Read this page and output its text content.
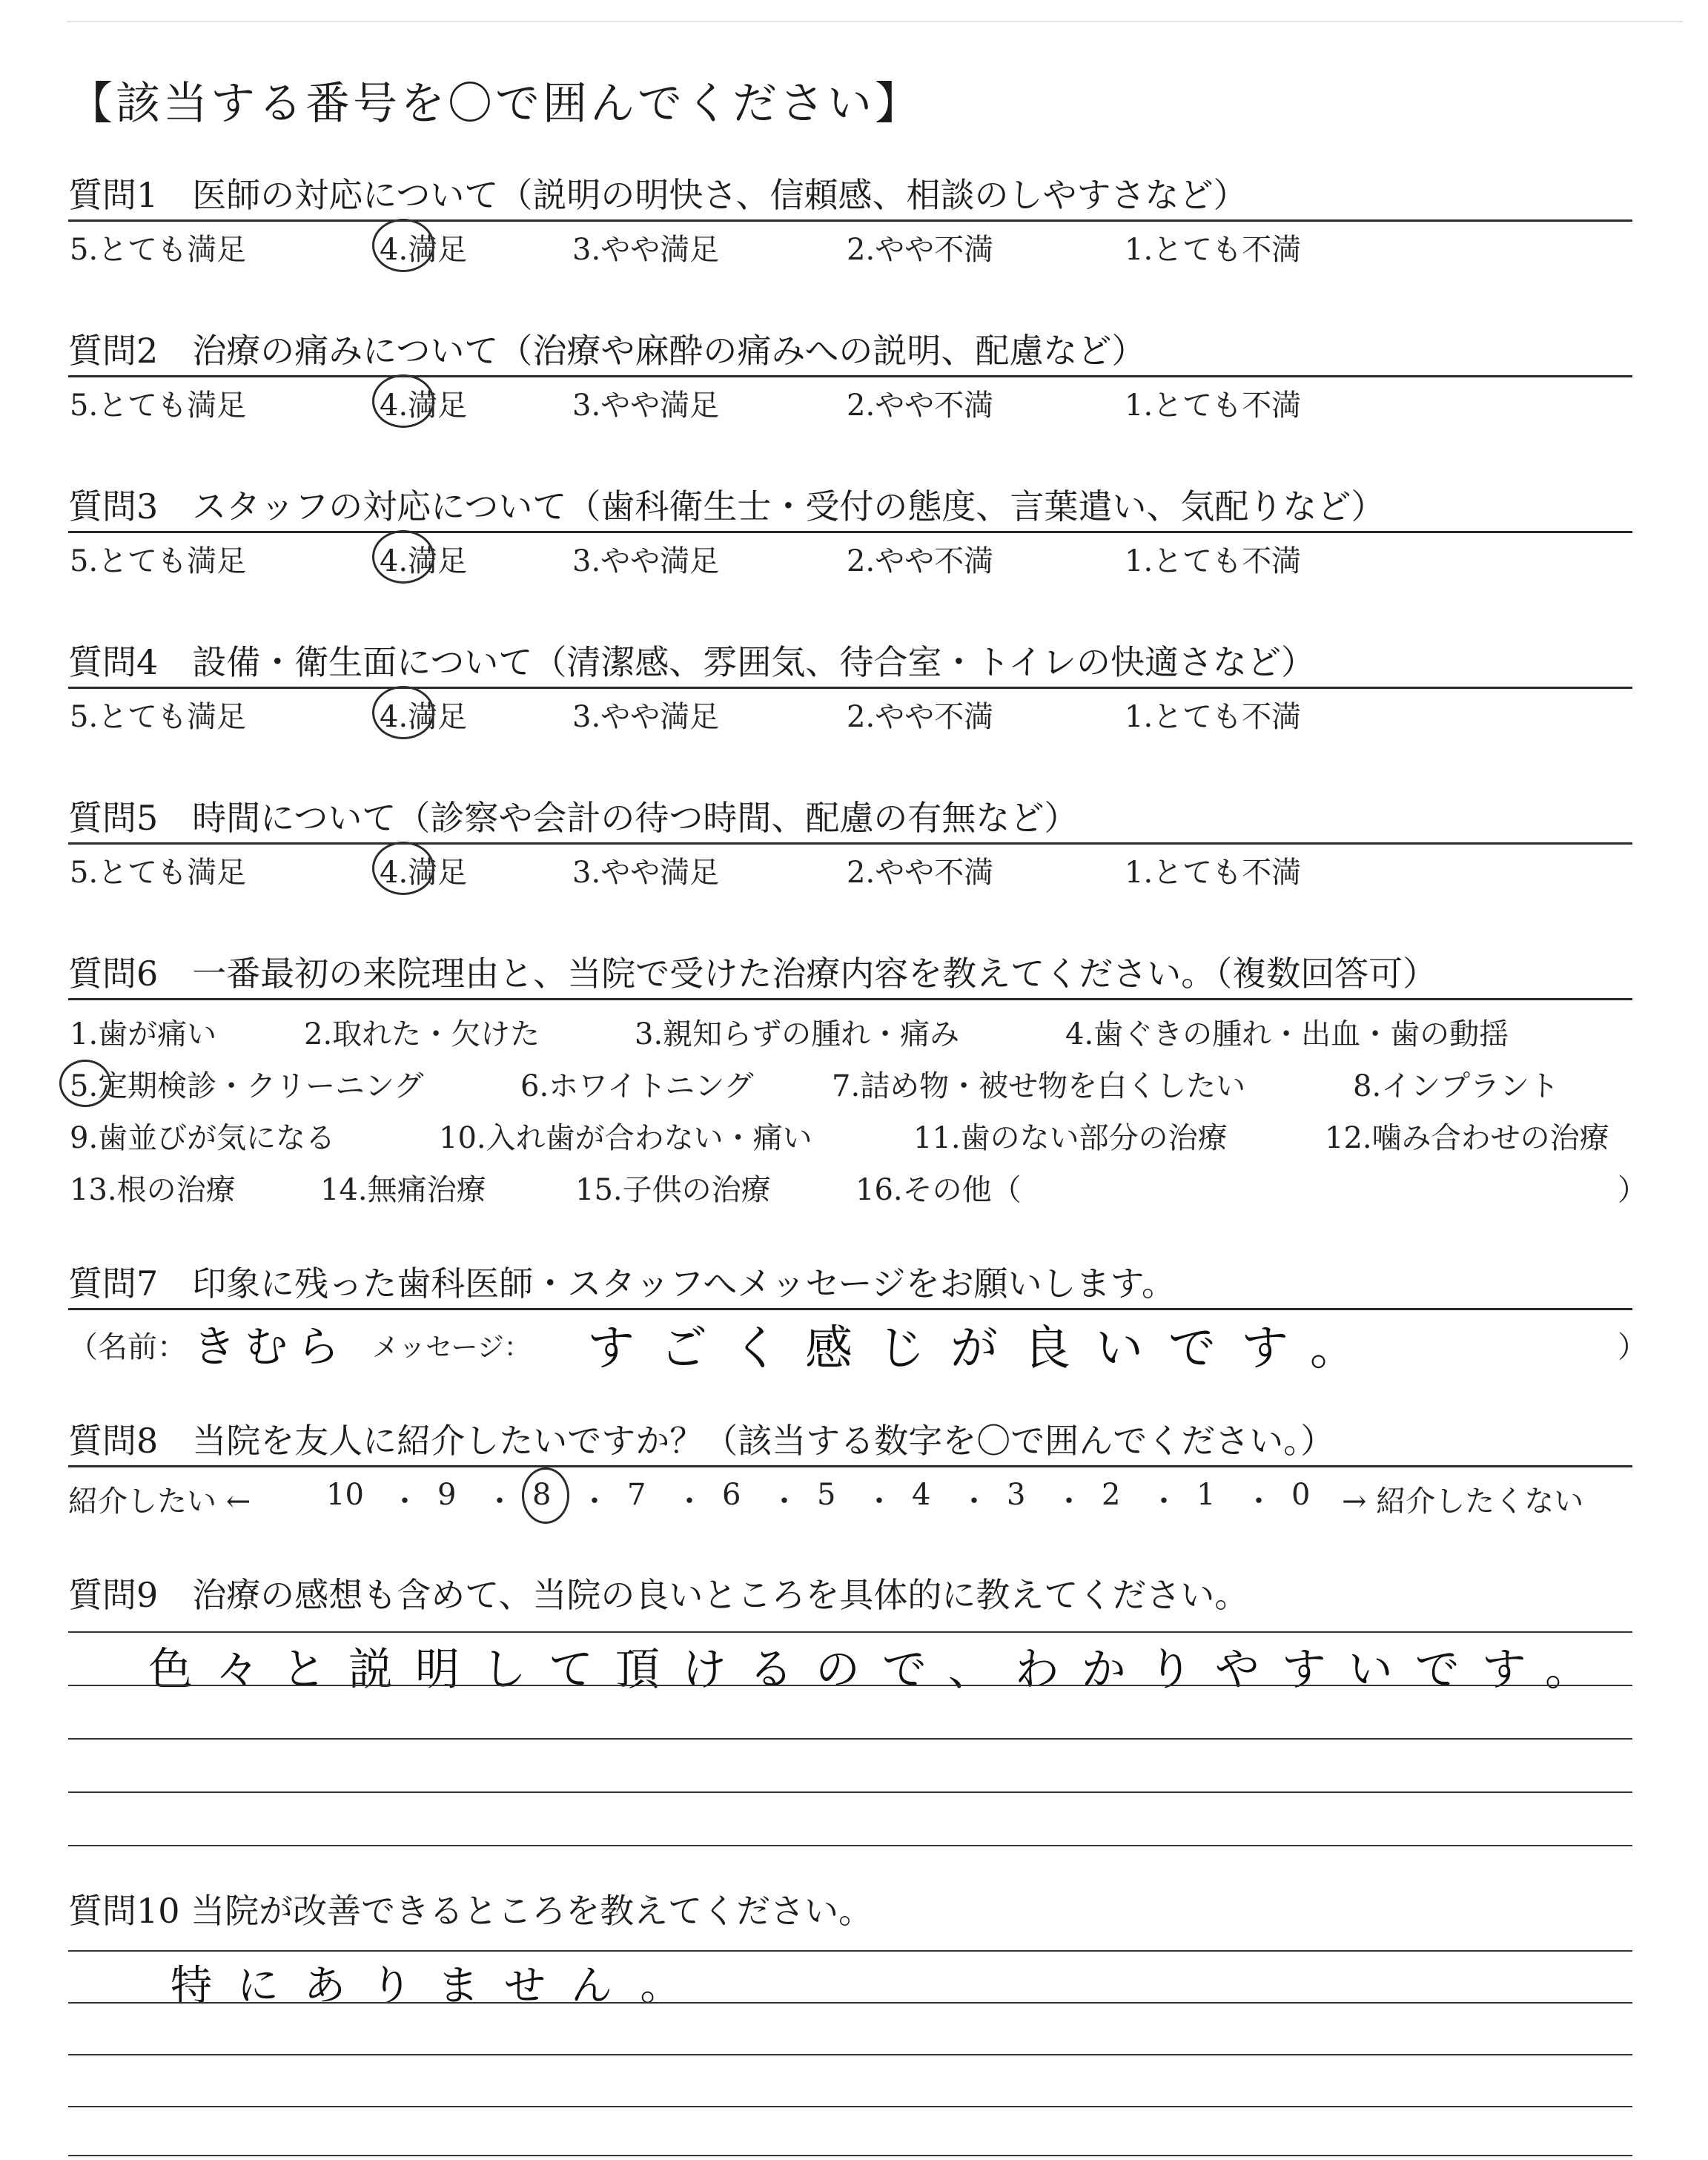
【該当する番号を〇で囲んでください】
質問1　医師の対応について（説明の明快さ、信頼感、相談のしやすさなど）
5.とても満足	4.満足	3.やや満足	2.やや不満	1.とても不満
質問2　治療の痛みについて（治療や麻酔の痛みへの説明、配慮など）
5.とても満足	4.満足	3.やや満足	2.やや不満	1.とても不満
質問3　スタッフの対応について（歯科衛生士・受付の態度、言葉遣い、気配りなど）
5.とても満足	4.満足	3.やや満足	2.やや不満	1.とても不満
質問4　設備・衛生面について（清潔感、雰囲気、待合室・トイレの快適さなど）
5.とても満足	4.満足	3.やや満足	2.やや不満	1.とても不満
質問5　時間について（診察や会計の待つ時間、配慮の有無など）
5.とても満足	4.満足	3.やや満足	2.やや不満	1.とても不満
質問6　一番最初の来院理由と、当院で受けた治療内容を教えてください。（複数回答可）
1.歯が痛い	2.取れた・欠けた	3.親知らずの腫れ・痛み	4.歯ぐきの腫れ・出血・歯の動揺
5.定期検診・クリーニング	6.ホワイトニング	7.詰め物・被せ物を白くしたい	8.インプラント
9.歯並びが気になる	10.入れ歯が合わない・痛い	11.歯のない部分の治療	12.噛み合わせの治療
13.根の治療	14.無痛治療	15.子供の治療	16.その他（	）
質問7　印象に残った歯科医師・スタッフへメッセージをお願いします。
（名前： きむら メッセージ： すごく感じが良いです。	）
質問8　当院を友人に紹介したいですか？（該当する数字を〇で囲んでください。）
紹介したい ←	→ 紹介したくない
10 ・ 9 ・ 8 ・ 7 ・ 6 ・ 5 ・ 4 ・ 3 ・ 2 ・ 1 ・ 0
質問9　治療の感想も含めて、当院の良いところを具体的に教えてください。
色々と説明して頂けるので、わかりやすいです。
質問10 当院が改善できるところを教えてください。
特にありません。
